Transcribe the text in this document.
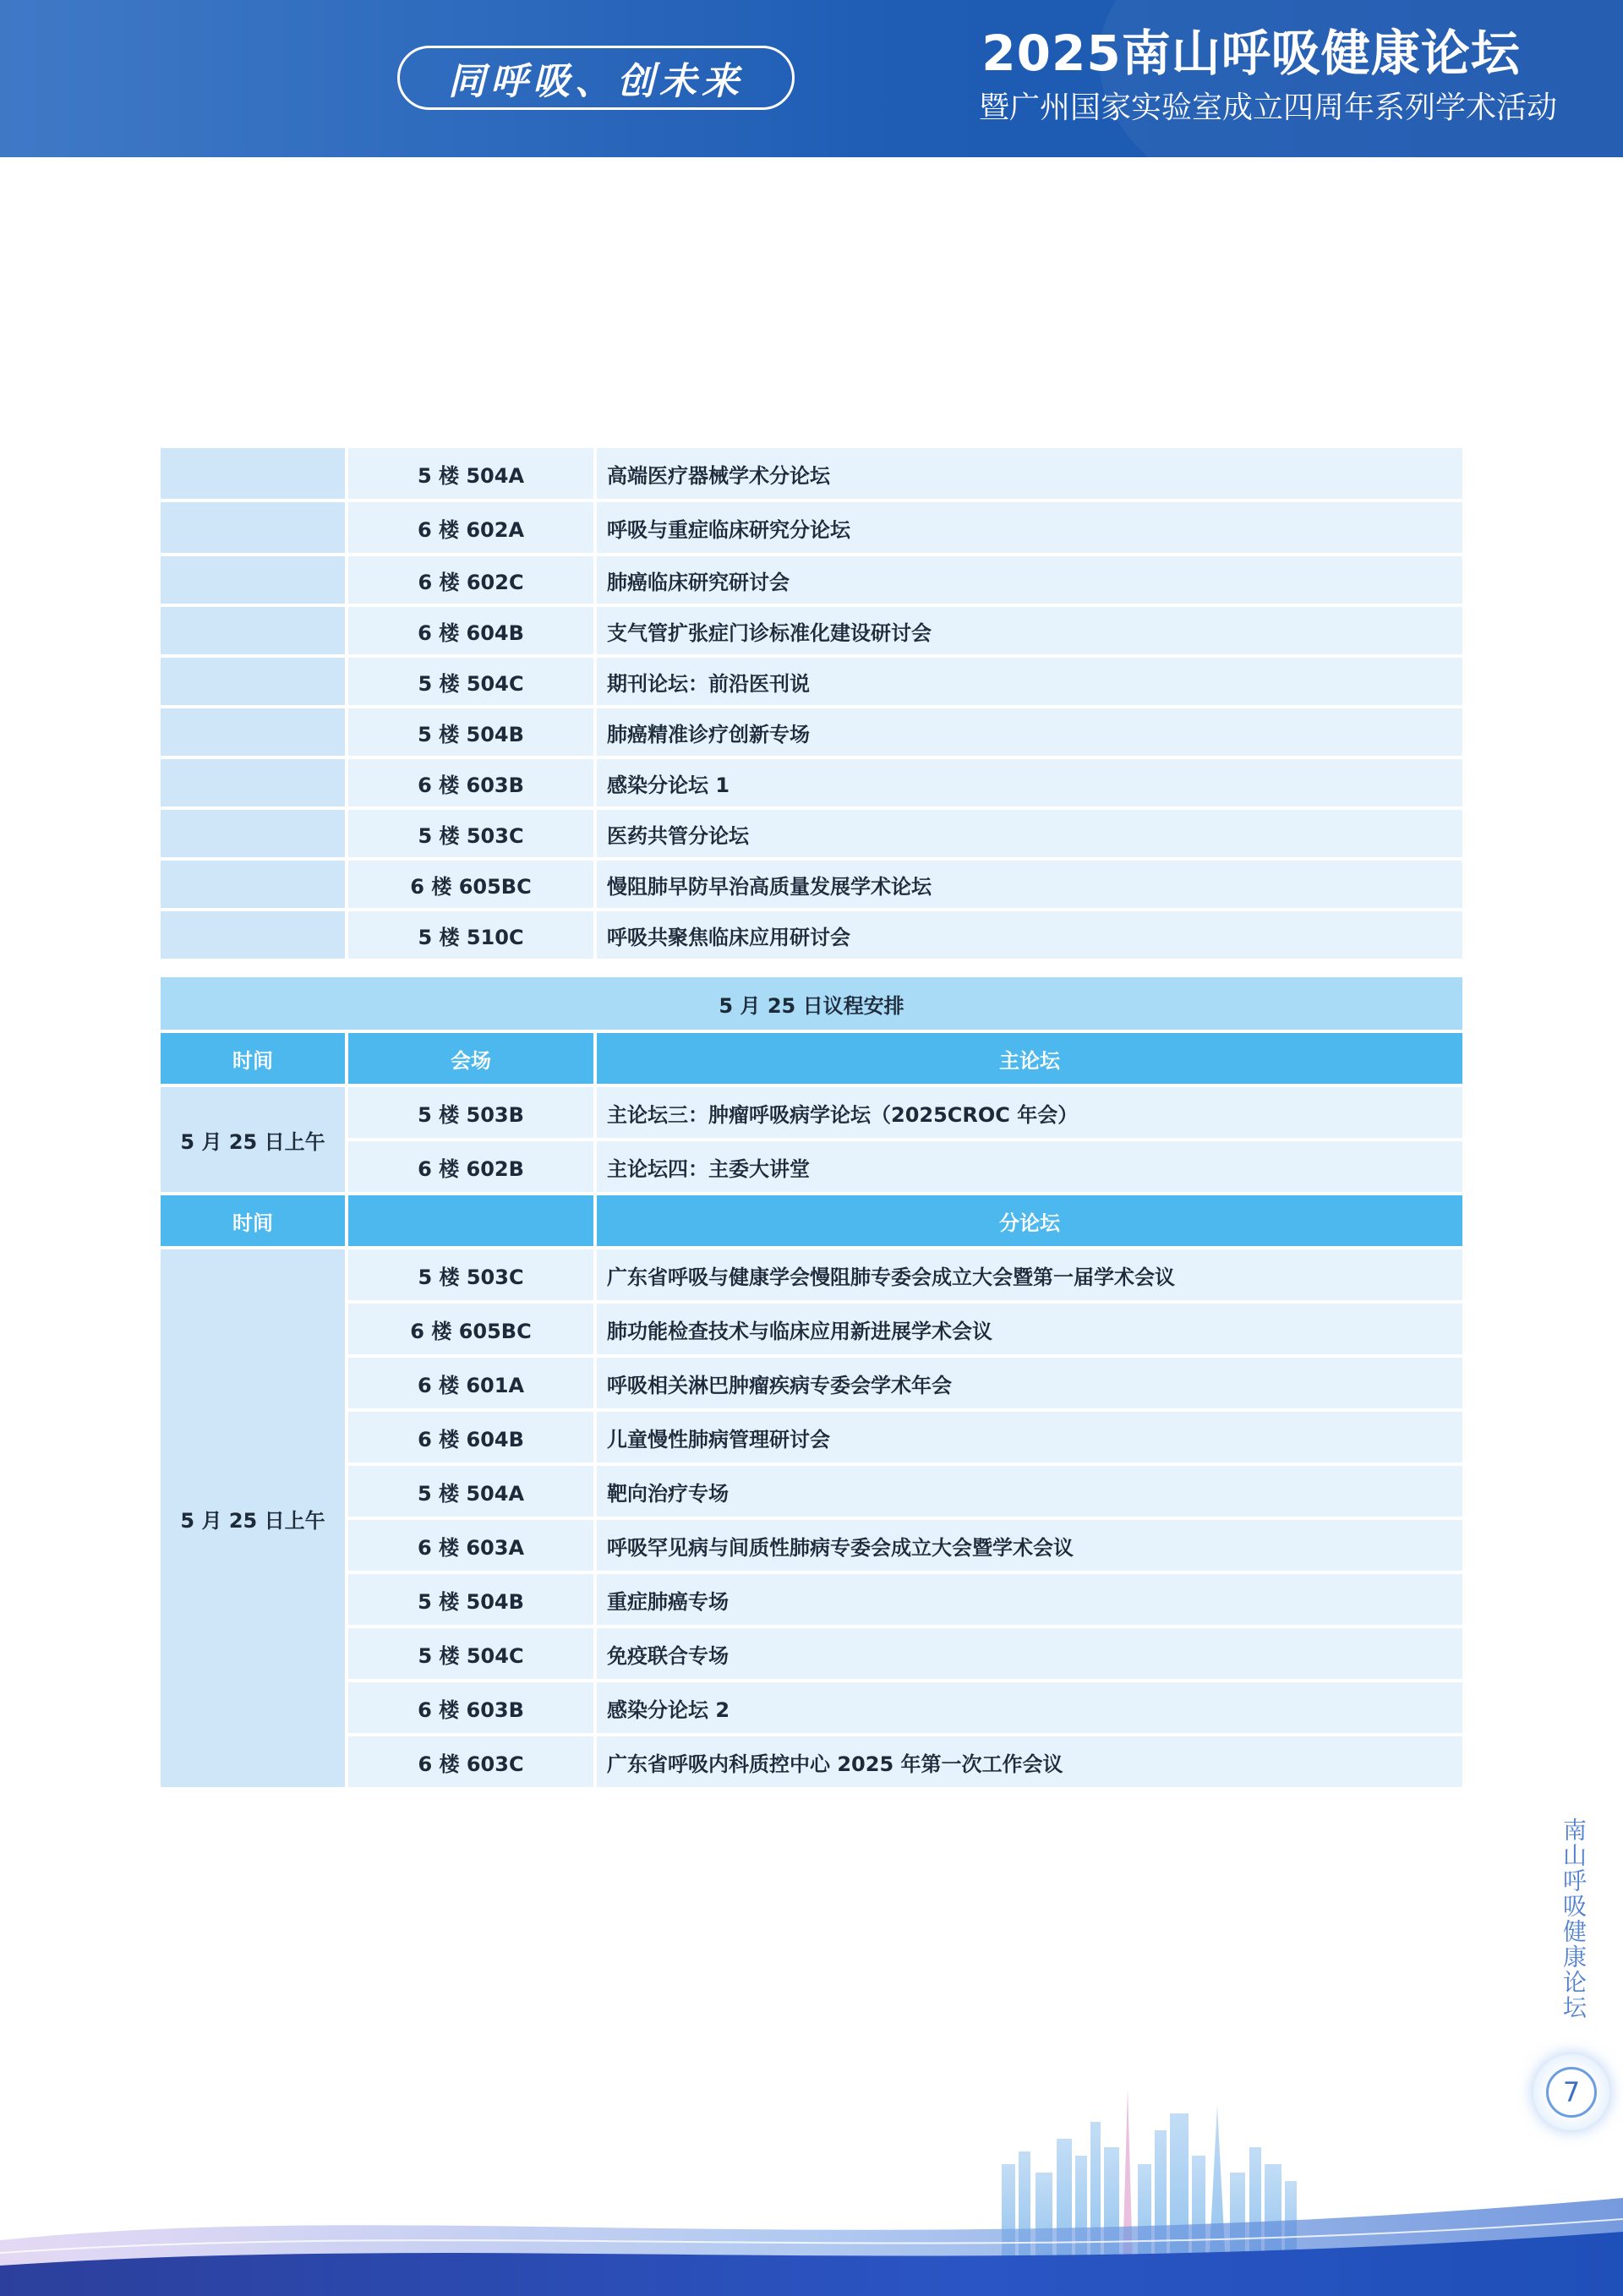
同呼吸、创未来	2025南山呼吸健康论坛
暨广州国家实验室成立四周年系列学术活动
	5 楼 504A	高端医疗器械学术分论坛
	6 楼 602A	呼吸与重症临床研究分论坛
	6 楼 602C	肺癌临床研究研讨会
	6 楼 604B	支气管扩张症门诊标准化建设研讨会
	5 楼 504C	期刊论坛：前沿医刊说
	5 楼 504B	肺癌精准诊疗创新专场
	6 楼 603B	感染分论坛 1
	5 楼 503C	医药共管分论坛
	6 楼 605BC	慢阻肺早防早治高质量发展学术论坛
	5 楼 510C	呼吸共聚焦临床应用研讨会
5 月 25 日议程安排		
时间	会场	主论坛
5 月 25 日上午	5 楼 503B	主论坛三：肿瘤呼吸病学论坛（2025CROC 年会）
	6 楼 602B	主论坛四：主委大讲堂
时间		分论坛
5 月 25 日上午	5 楼 503C	广东省呼吸与健康学会慢阻肺专委会成立大会暨第一届学术会议
	6 楼 605BC	肺功能检查技术与临床应用新进展学术会议
	6 楼 601A	呼吸相关淋巴肿瘤疾病专委会学术年会
	6 楼 604B	儿童慢性肺病管理研讨会
	5 楼 504A	靶向治疗专场
	6 楼 603A	呼吸罕见病与间质性肺病专委会成立大会暨学术会议
	5 楼 504B	重症肺癌专场
	5 楼 504C	免疫联合专场
	6 楼 603B	感染分论坛 2
	6 楼 603C	广东省呼吸内科质控中心 2025 年第一次工作会议
南山呼吸健康论坛
7
